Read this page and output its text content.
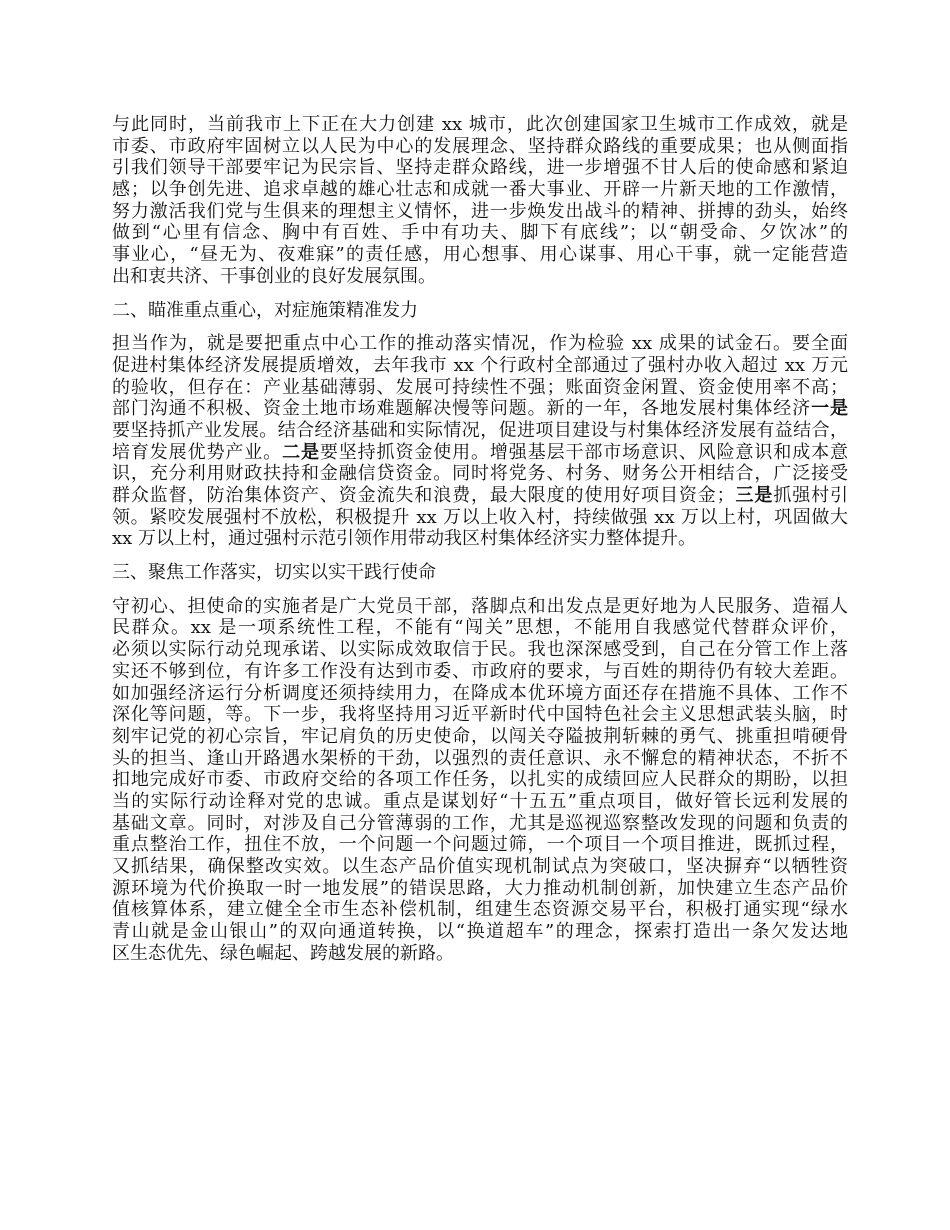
与此同时，当前我市上下正在大力创建 xx 城市，此次创建国家卫生城市工作成效，就是
市委、市政府牢固树立以人民为中心的发展理念、坚持群众路线的重要成果；也从侧面指
引我们领导干部要牢记为民宗旨、坚持走群众路线，进一步增强不甘人后的使命感和紧迫
感；以争创先进、追求卓越的雄心壮志和成就一番大事业、开辟一片新天地的工作激情，
努力激活我们党与生俱来的理想主义情怀，进一步焕发出战斗的精神、拼搏的劲头，始终
做到“心里有信念、胸中有百姓、手中有功夫、脚下有底线”；以“朝受命、夕饮冰”的
事业心，“昼无为、夜难寐”的责任感，用心想事、用心谋事、用心干事，就一定能营造
出和衷共济、干事创业的良好发展氛围。
二、瞄准重点重心，对症施策精准发力
担当作为，就是要把重点中心工作的推动落实情况，作为检验 xx 成果的试金石。要全面
促进村集体经济发展提质增效，去年我市 xx 个行政村全部通过了强村办收入超过 xx 万元
的验收，但存在：产业基础薄弱、发展可持续性不强；账面资金闲置、资金使用率不高；
部门沟通不积极、资金土地市场难题解决慢等问题。新的一年，各地发展村集体经济一是
要坚持抓产业发展。结合经济基础和实际情况，促进项目建设与村集体经济发展有益结合，
培育发展优势产业。二是要坚持抓资金使用。增强基层干部市场意识、风险意识和成本意
识，充分利用财政扶持和金融信贷资金。同时将党务、村务、财务公开相结合，广泛接受
群众监督，防治集体资产、资金流失和浪费，最大限度的使用好项目资金；三是抓强村引
领。紧咬发展强村不放松，积极提升 xx 万以上收入村，持续做强 xx 万以上村，巩固做大
xx 万以上村，通过强村示范引领作用带动我区村集体经济实力整体提升。
三、聚焦工作落实，切实以实干践行使命
守初心、担使命的实施者是广大党员干部，落脚点和出发点是更好地为人民服务、造福人
民群众。xx 是一项系统性工程，不能有“闯关”思想，不能用自我感觉代替群众评价，
必须以实际行动兑现承诺、以实际成效取信于民。我也深深感受到，自己在分管工作上落
实还不够到位，有许多工作没有达到市委、市政府的要求，与百姓的期待仍有较大差距。
如加强经济运行分析调度还须持续用力，在降成本优环境方面还存在措施不具体、工作不
深化等问题，等。下一步，我将坚持用习近平新时代中国特色社会主义思想武装头脑，时
刻牢记党的初心宗旨，牢记肩负的历史使命，以闯关夺隘披荆斩棘的勇气、挑重担啃硬骨
头的担当、逢山开路遇水架桥的干劲，以强烈的责任意识、永不懈怠的精神状态，不折不
扣地完成好市委、市政府交给的各项工作任务，以扎实的成绩回应人民群众的期盼，以担
当的实际行动诠释对党的忠诚。重点是谋划好“十五五”重点项目，做好管长远利发展的
基础文章。同时，对涉及自己分管薄弱的工作，尤其是巡视巡察整改发现的问题和负责的
重点整治工作，扭住不放，一个问题一个问题过筛，一个项目一个项目推进，既抓过程，
又抓结果，确保整改实效。以生态产品价值实现机制试点为突破口，坚决摒弃“以牺牲资
源环境为代价换取一时一地发展”的错误思路，大力推动机制创新，加快建立生态产品价
值核算体系，建立健全全市生态补偿机制，组建生态资源交易平台，积极打通实现“绿水
青山就是金山银山”的双向通道转换，以“换道超车”的理念，探索打造出一条欠发达地
区生态优先、绿色崛起、跨越发展的新路。
